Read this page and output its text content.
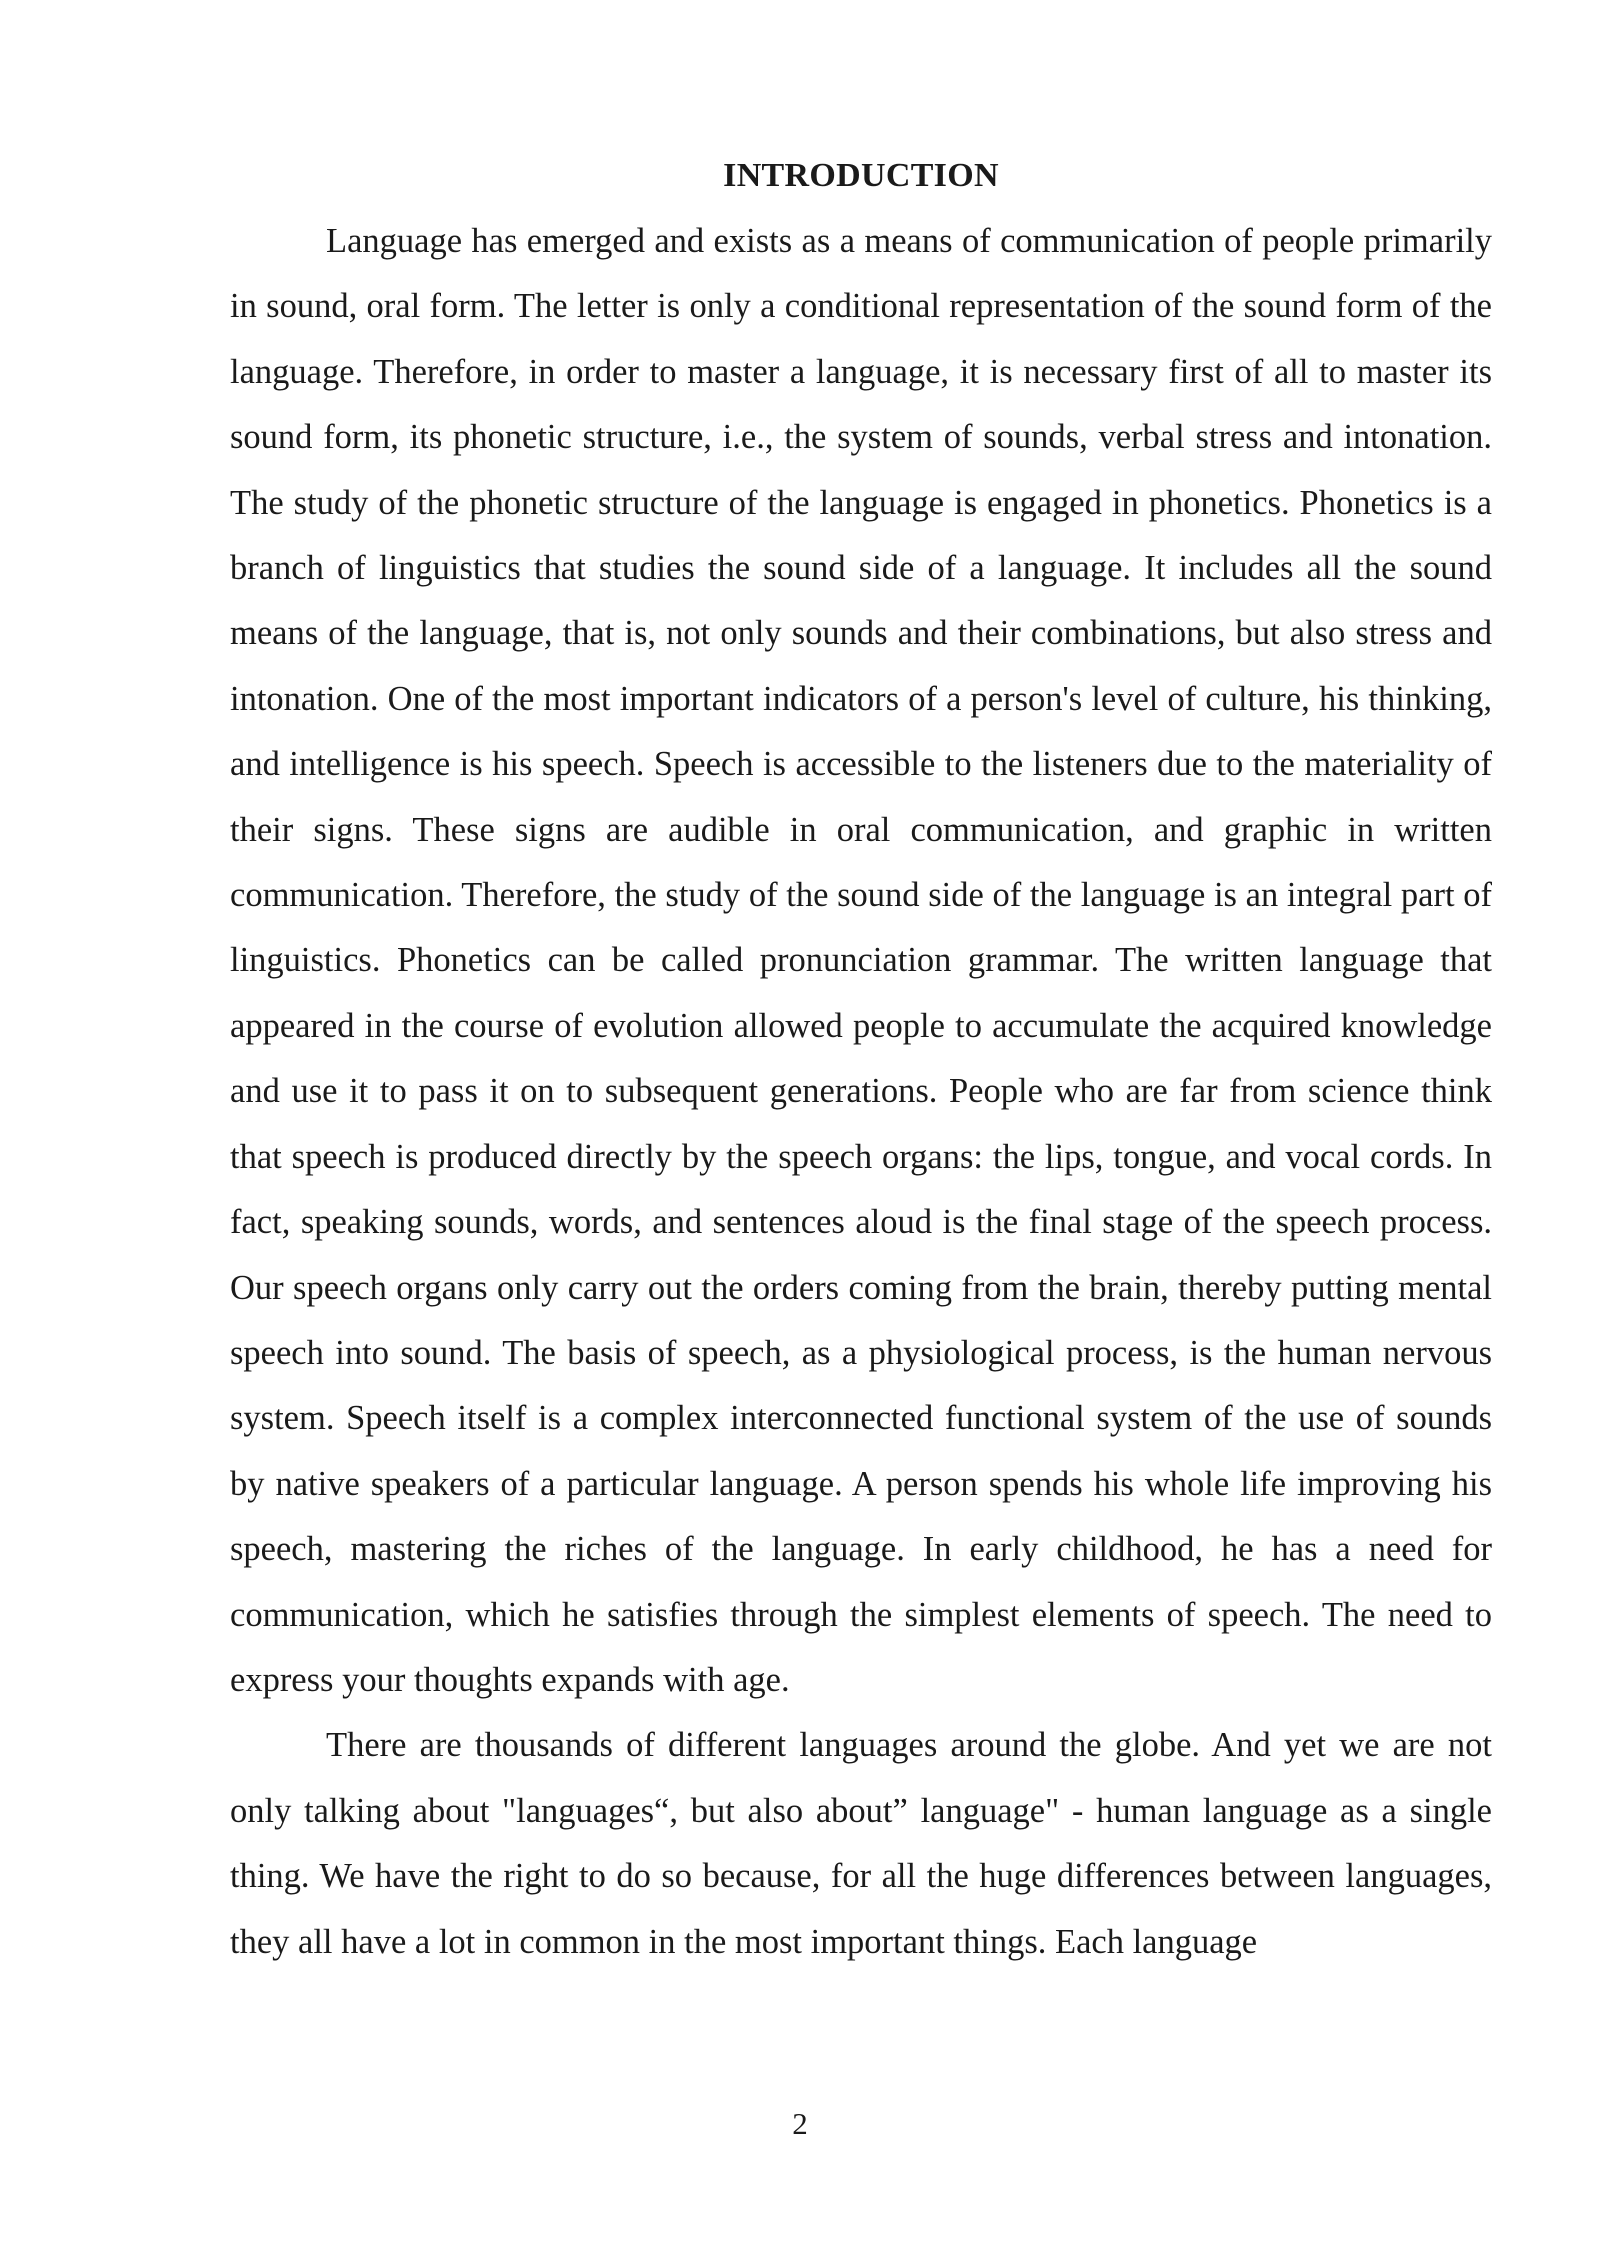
INTRODUCTION

Language has emerged and exists as a means of communication of people primarily in sound, oral form. The letter is only a conditional representation of the sound form of the language. Therefore, in order to master a language, it is necessary first of all to master its sound form, its phonetic structure, i.e., the system of sounds, verbal stress and intonation. The study of the phonetic structure of the language is engaged in phonetics. Phonetics is a branch of linguistics that studies the sound side of a language. It includes all the sound means of the language, that is, not only sounds and their combinations, but also stress and intonation. One of the most important indicators of a person's level of culture, his thinking, and intelligence is his speech. Speech is accessible to the listeners due to the materiality of their signs. These signs are audible in oral communication, and graphic in written communication. Therefore, the study of the sound side of the language is an integral part of linguistics. Phonetics can be called pronunciation grammar. The written language that appeared in the course of evolution allowed people to accumulate the acquired knowledge and use it to pass it on to subsequent generations. People who are far from science think that speech is produced directly by the speech organs: the lips, tongue, and vocal cords. In fact, speaking sounds, words, and sentences aloud is the final stage of the speech process. Our speech organs only carry out the orders coming from the brain, thereby putting mental speech into sound. The basis of speech, as a physiological process, is the human nervous system. Speech itself is a complex interconnected functional system of the use of sounds by native speakers of a particular language. A person spends his whole life improving his speech, mastering the riches of the language. In early childhood, he has a need for communication, which he satisfies through the simplest elements of speech. The need to express your thoughts expands with age.

There are thousands of different languages around the globe. And yet we are not only talking about "languages“, but also about” language" - human language as a single thing. We have the right to do so because, for all the huge differences between languages, they all have a lot in common in the most important things. Each language

2
